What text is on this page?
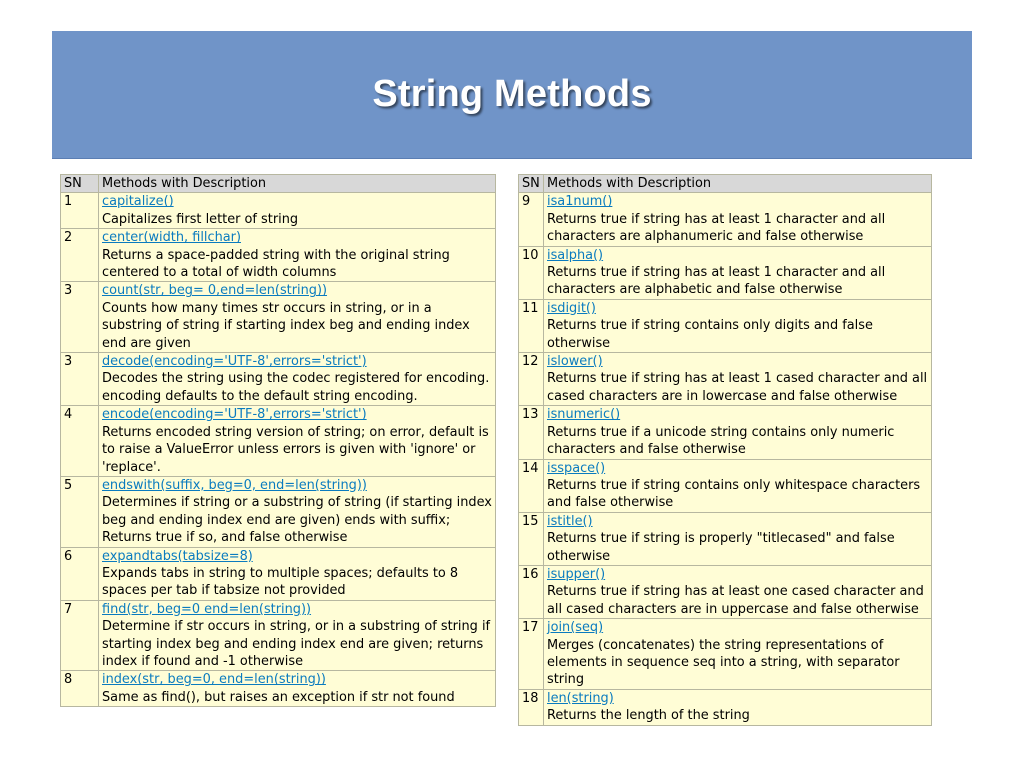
String Methods
SN	Methods with Description
1	capitalize()
Capitalizes first letter of string

2	center(width, fillchar)
Returns a space-padded string with the original string centered to a total of width columns

3	count(str, beg= 0,end=len(string))
Counts how many times str occurs in string, or in a substring of string if starting index beg and ending index end are given

3	decode(encoding='UTF-8',errors='strict')
Decodes the string using the codec registered for encoding. encoding defaults to the default string encoding.

4	encode(encoding='UTF-8',errors='strict')
Returns encoded string version of string; on error, default is to raise a ValueError unless errors is given with 'ignore' or 'replace'.

5	endswith(suffix, beg=0, end=len(string))
Determines if string or a substring of string (if starting index beg and ending index end are given) ends with suffix; Returns true if so, and false otherwise

6	expandtabs(tabsize=8)
Expands tabs in string to multiple spaces; defaults to 8 spaces per tab if tabsize not provided

7	find(str, beg=0 end=len(string))
Determine if str occurs in string, or in a substring of string if starting index beg and ending index end are given; returns index if found and -1 otherwise

8	index(str, beg=0, end=len(string))
Same as find(), but raises an exception if str not found
SN	Methods with Description
9	isa1num()
Returns true if string has at least 1 character and all characters are alphanumeric and false otherwise

10	isalpha()
Returns true if string has at least 1 character and all characters are alphabetic and false otherwise

11	isdigit()
Returns true if string contains only digits and false otherwise

12	islower()
Returns true if string has at least 1 cased character and all cased characters are in lowercase and false otherwise

13	isnumeric()
Returns true if a unicode string contains only numeric characters and false otherwise

14	isspace()
Returns true if string contains only whitespace characters and false otherwise

15	istitle()
Returns true if string is properly "titlecased" and false otherwise

16	isupper()
Returns true if string has at least one cased character and all cased characters are in uppercase and false otherwise

17	join(seq)
Merges (concatenates) the string representations of elements in sequence seq into a string, with separator string

18	len(string)
Returns the length of the string
